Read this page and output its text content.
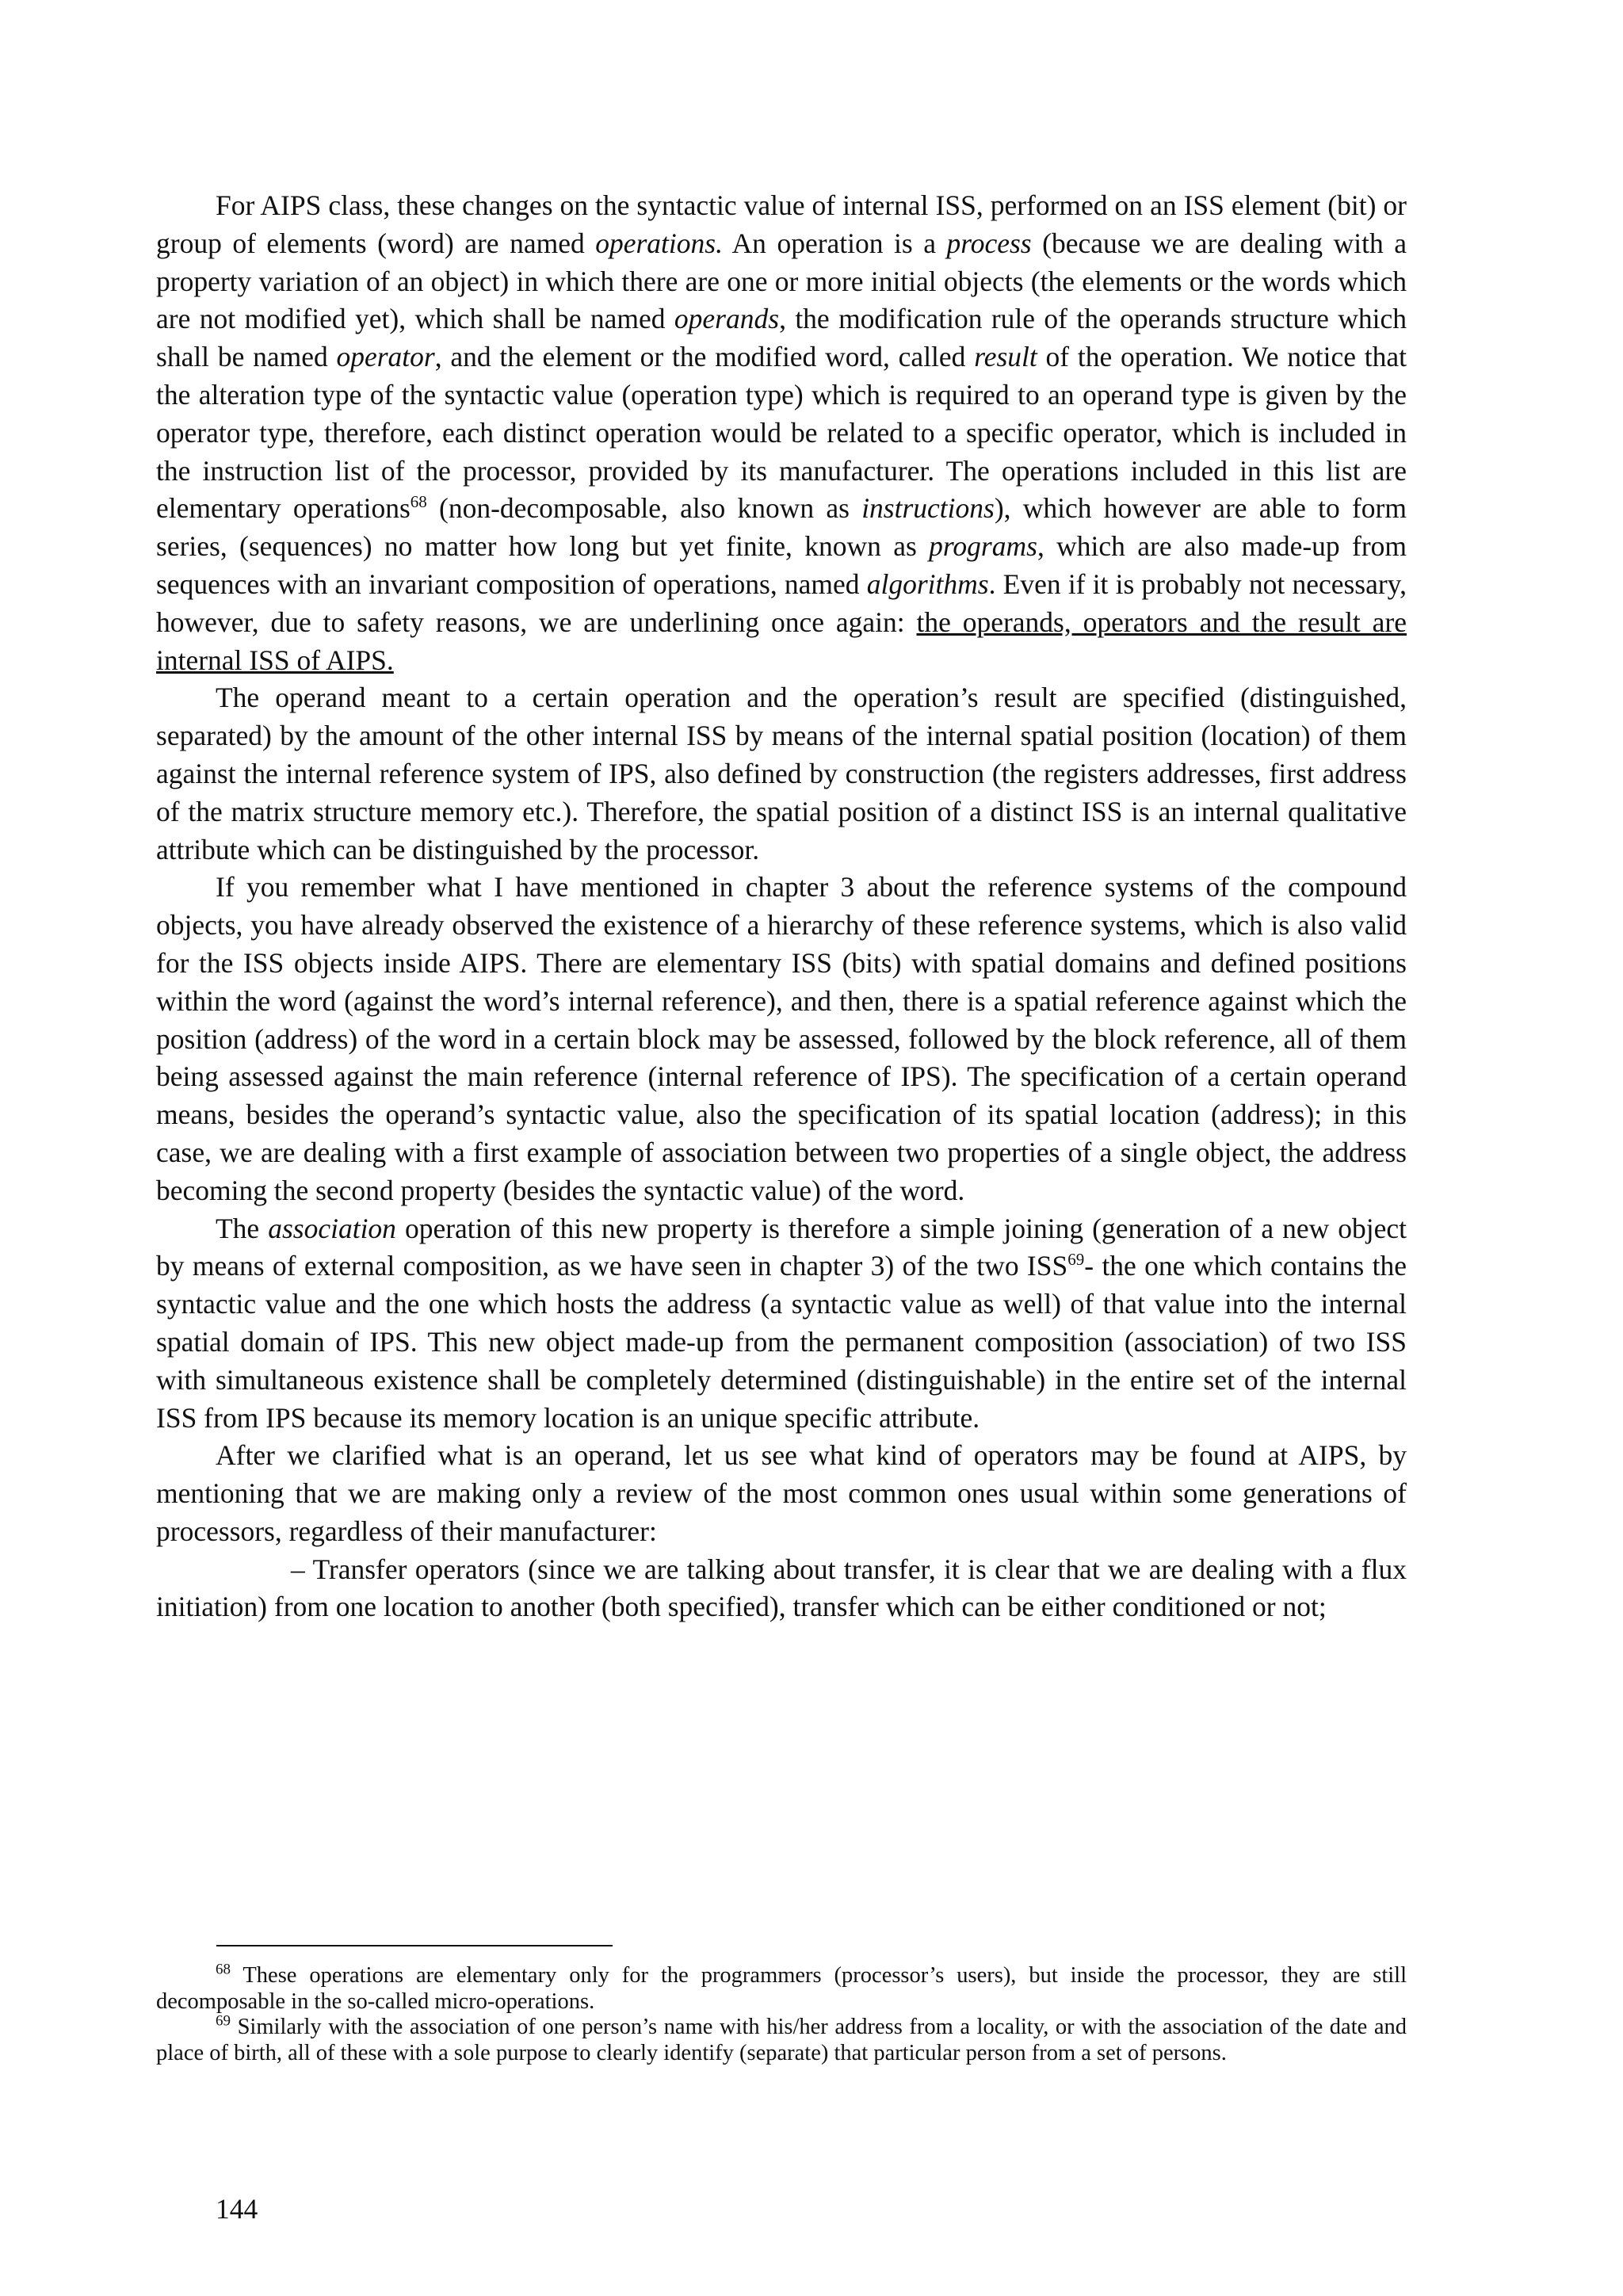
For AIPS class, these changes on the syntactic value of internal ISS, performed on an ISS element (bit) or group of elements (word) are named operations. An operation is a process (because we are dealing with a property variation of an object) in which there are one or more initial objects (the elements or the words which are not modified yet), which shall be named operands, the modification rule of the operands structure which shall be named operator, and the element or the modified word, called result of the operation. We notice that the alteration type of the syntactic value (operation type) which is required to an operand type is given by the operator type, therefore, each distinct operation would be related to a specific operator, which is included in the instruction list of the processor, provided by its manufacturer. The operations included in this list are elementary operations$^{68}$ (non-decomposable, also known as instructions), which however are able to form series, (sequences) no matter how long but yet finite, known as programs, which are also made-up from sequences with an invariant composition of operations, named algorithms. Even if it is probably not necessary, however, due to safety reasons, we are underlining once again: the operands, operators and the result are internal ISS of AIPS.

The operand meant to a certain operation and the operation’s result are specified (distinguished, separated) by the amount of the other internal ISS by means of the internal spatial position (location) of them against the internal reference system of IPS, also defined by construction (the registers addresses, first address of the matrix structure memory etc.). Therefore, the spatial position of a distinct ISS is an internal qualitative attribute which can be distinguished by the processor.

If you remember what I have mentioned in chapter 3 about the reference systems of the compound objects, you have already observed the existence of a hierarchy of these reference systems, which is also valid for the ISS objects inside AIPS. There are elementary ISS (bits) with spatial domains and defined positions within the word (against the word’s internal reference), and then, there is a spatial reference against which the position (address) of the word in a certain block may be assessed, followed by the block reference, all of them being assessed against the main reference (internal reference of IPS). The specification of a certain operand means, besides the operand’s syntactic value, also the specification of its spatial location (address); in this case, we are dealing with a first example of association between two properties of a single object, the address becoming the second property (besides the syntactic value) of the word.

The association operation of this new property is therefore a simple joining (generation of a new object by means of external composition, as we have seen in chapter 3) of the two ISS$^{69}$- the one which contains the syntactic value and the one which hosts the address (a syntactic value as well) of that value into the internal spatial domain of IPS. This new object made-up from the permanent composition (association) of two ISS with simultaneous existence shall be completely determined (distinguishable) in the entire set of the internal ISS from IPS because its memory location is an unique specific attribute.

After we clarified what is an operand, let us see what kind of operators may be found at AIPS, by mentioning that we are making only a review of the most common ones usual within some generations of processors, regardless of their manufacturer:

– Transfer operators (since we are talking about transfer, it is clear that we are dealing with a flux initiation) from one location to another (both specified), transfer which can be either conditioned or not;

$^{68}$ These operations are elementary only for the programmers (processor’s users), but inside the processor, they are still decomposable in the so-called micro-operations.

$^{69}$ Similarly with the association of one person’s name with his/her address from a locality, or with the association of the date and place of birth, all of these with a sole purpose to clearly identify (separate) that particular person from a set of persons.

144
